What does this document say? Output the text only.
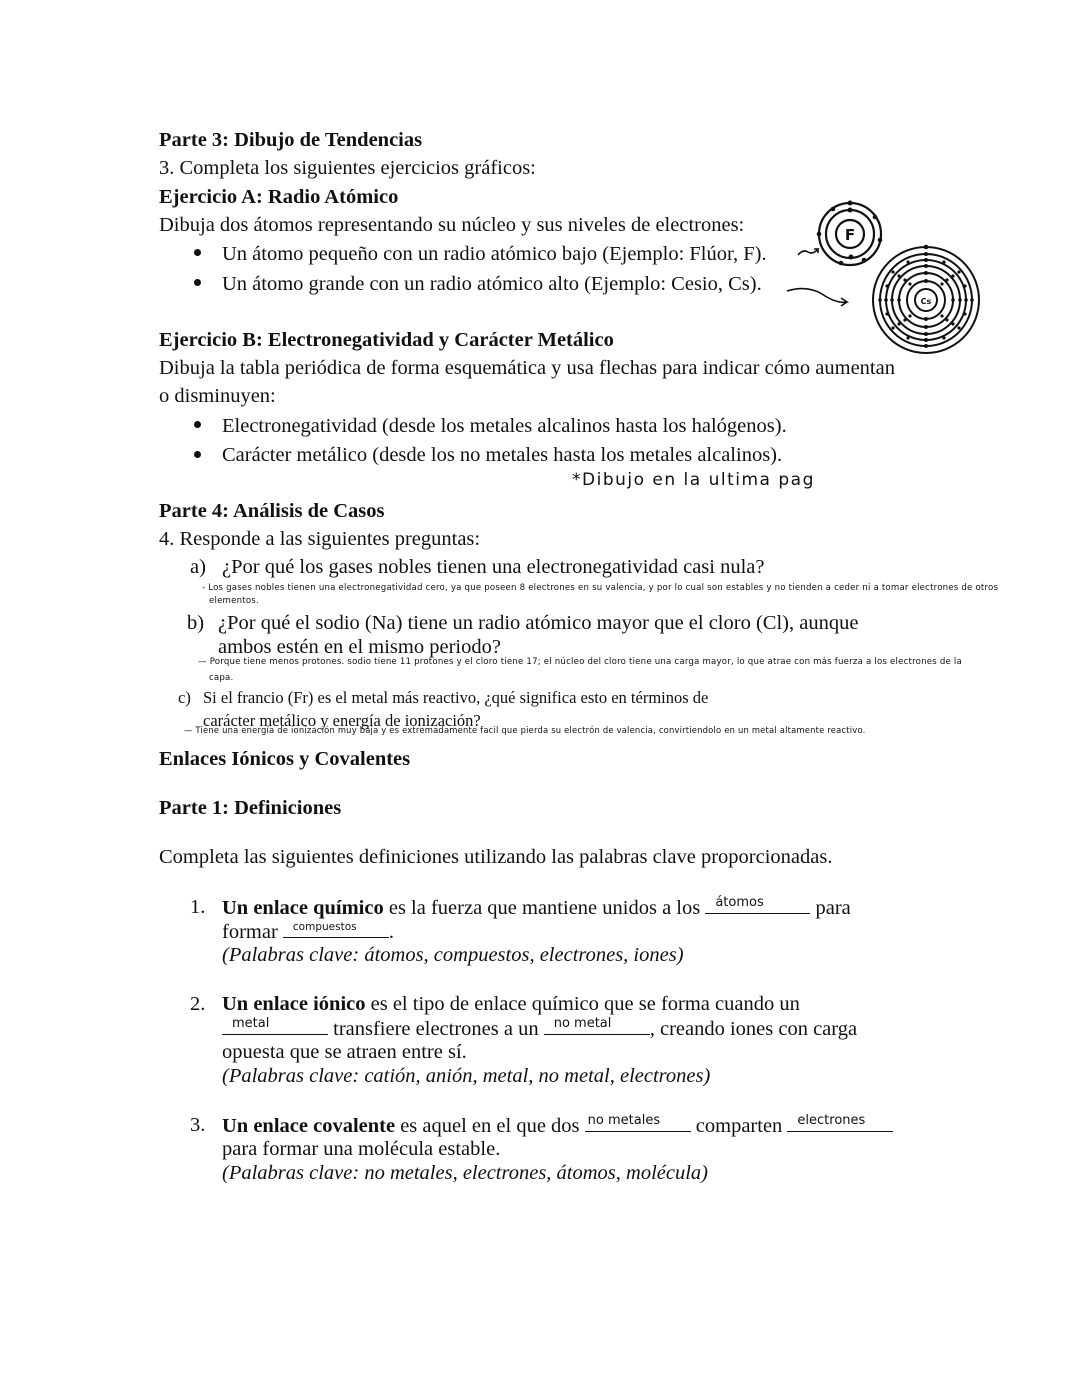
Parte 3: Dibujo de Tendencias
3. Completa los siguientes ejercicios gráficos:
Ejercicio A: Radio Atómico
Dibuja dos átomos representando su núcleo y sus niveles de electrones:
Un átomo pequeño con un radio atómico bajo (Ejemplo: Flúor, F).
Un átomo grande con un radio atómico alto (Ejemplo: Cesio, Cs).
F
Cs
Ejercicio B: Electronegatividad y Carácter Metálico
Dibuja la tabla periódica de forma esquemática y usa flechas para indicar cómo aumentan
o disminuyen:
Electronegatividad (desde los metales alcalinos hasta los halógenos).
Carácter metálico (desde los no metales hasta los metales alcalinos).
*Dibujo en la ultima pag
Parte 4: Análisis de Casos
4. Responde a las siguientes preguntas:
a) ¿Por qué los gases nobles tienen una electronegatividad casi nula?
- Los gases nobles tienen una electronegatividad cero, ya que poseen 8 electrones en su valencia, y por lo cual son estables y no tienden a ceder ni a tomar electrones de otros
elementos.
b) ¿Por qué el sodio (Na) tiene un radio atómico mayor que el cloro (Cl), aunque
ambos estén en el mismo periodo?
— Porque tiene menos protones. sodio tiene 11 protones y el cloro tiene 17; el núcleo del cloro tiene una carga mayor, lo que atrae con más fuerza a los electrones de la
capa.
c) Si el francio (Fr) es el metal más reactivo, ¿qué significa esto en términos de
carácter metálico y energía de ionización?
— Tiene una energía de ionización muy baja y es extremadamente facil que pierda su electrón de valencia, convirtiendolo en un metal altamente reactivo.
Enlaces Iónicos y Covalentes
Parte 1: Definiciones
Completa las siguientes definiciones utilizando las palabras clave proporcionadas.
1. Un enlace químico es la fuerza que mantiene unidos a los átomos para
formar compuestos .
(Palabras clave: átomos, compuestos, electrones, iones)
2. Un enlace iónico es el tipo de enlace químico que se forma cuando un
metal	transfiere electrones a un no metal , creando iones con carga
opuesta que se atraen entre sí.
(Palabras clave: catión, anión, metal, no metal, electrones)
3. Un enlace covalente es aquel en el que dos no metales comparten electrones
para formar una molécula estable.
(Palabras clave: no metales, electrones, átomos, molécula)
